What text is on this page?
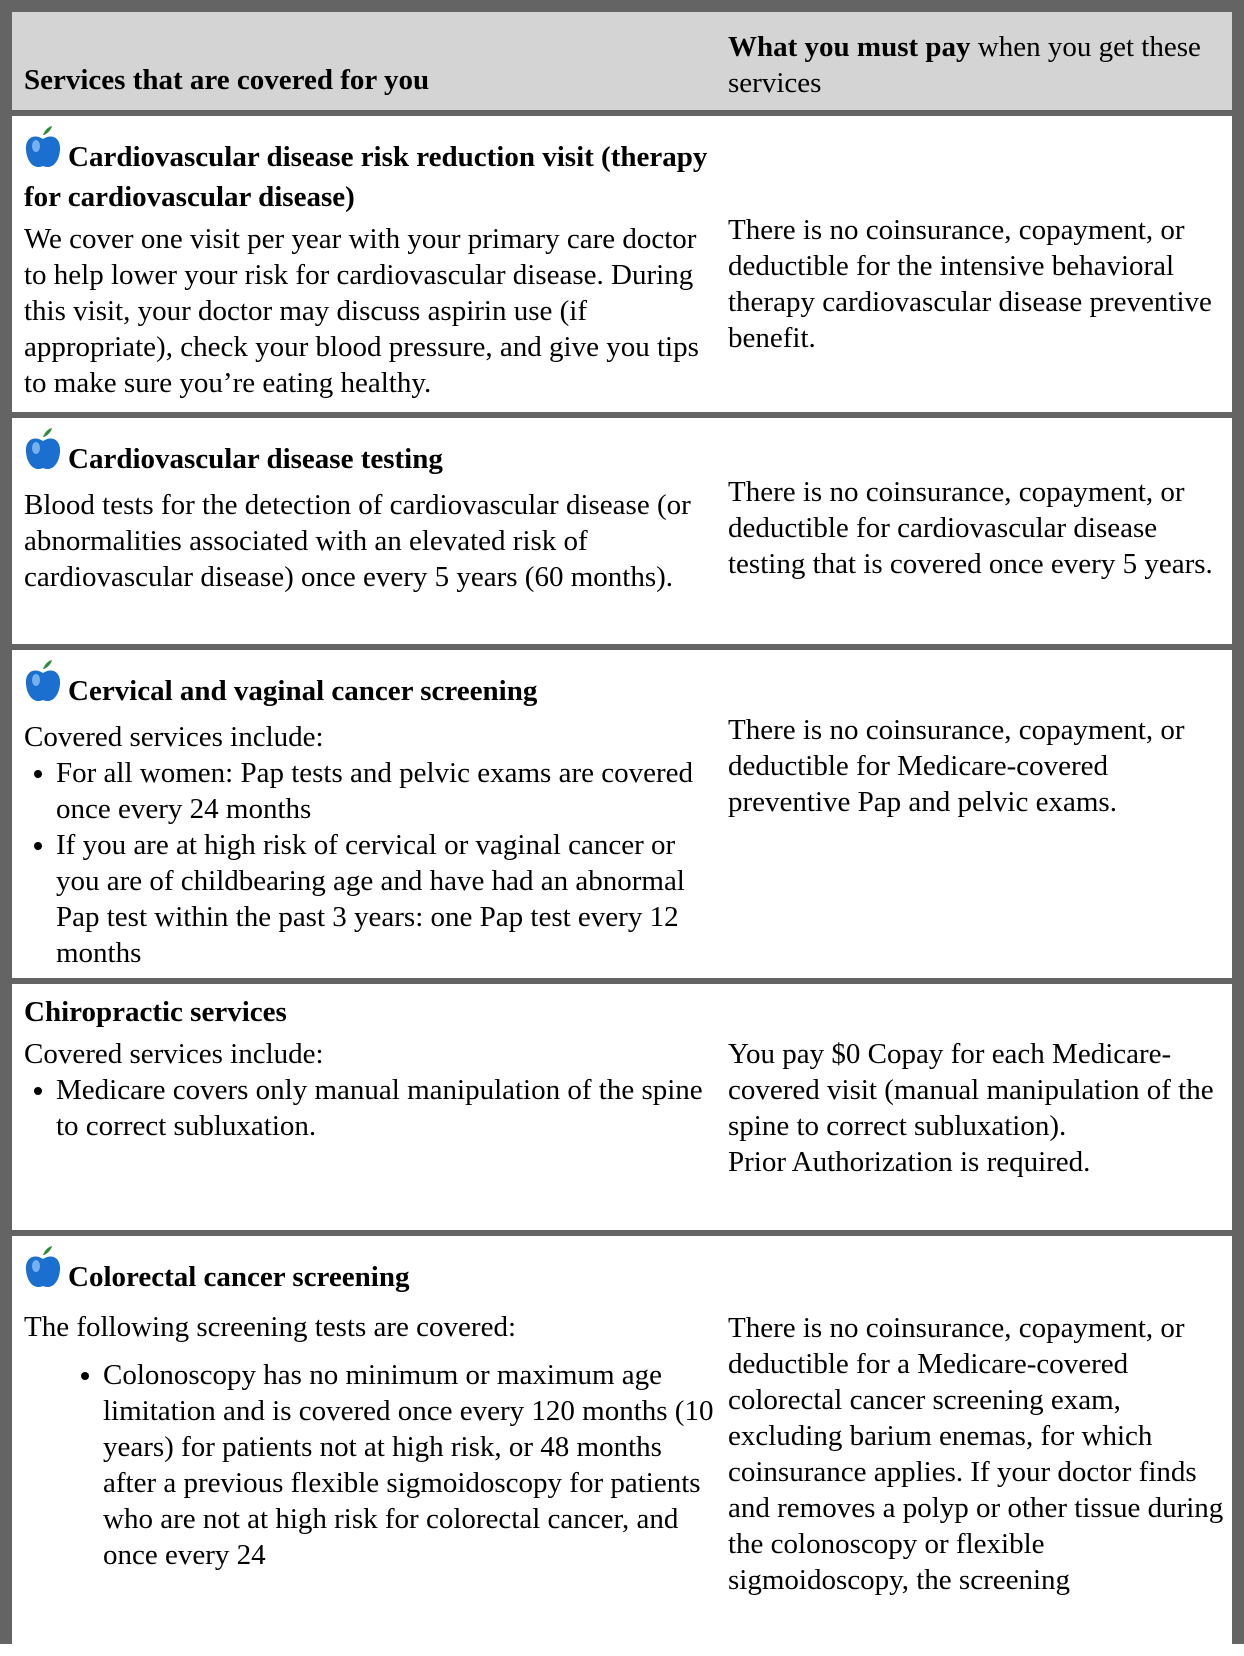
Services that are covered for you
What you must pay when you get these services

Cardiovascular disease risk reduction visit (therapy for cardiovascular disease)

We cover one visit per year with your primary care doctor to help lower your risk for cardiovascular disease. During this visit, your doctor may discuss aspirin use (if appropriate), check your blood pressure, and give you tips to make sure you’re eating healthy.

There is no coinsurance, copayment, or deductible for the intensive behavioral therapy cardiovascular disease preventive benefit.

Cardiovascular disease testing

Blood tests for the detection of cardiovascular disease (or abnormalities associated with an elevated risk of cardiovascular disease) once every 5 years (60 months).

There is no coinsurance, copayment, or deductible for cardiovascular disease testing that is covered once every 5 years.

Cervical and vaginal cancer screening

Covered services include:

For all women: Pap tests and pelvic exams are covered once every 24 months
If you are at high risk of cervical or vaginal cancer or you are of childbearing age and have had an abnormal Pap test within the past 3 years: one Pap test every 12 months
There is no coinsurance, copayment, or deductible for Medicare-covered preventive Pap and pelvic exams.

Chiropractic services

Covered services include:

Medicare covers only manual manipulation of the spine to correct subluxation.
You pay $0 Copay for each Medicare-covered visit (manual manipulation of the spine to correct subluxation).
Prior Authorization is required.

Colorectal cancer screening

The following screening tests are covered:

Colonoscopy has no minimum or maximum age limitation and is covered once every 120 months (10 years) for patients not at high risk, or 48 months after a previous flexible sigmoidoscopy for patients who are not at high risk for colorectal cancer, and once every 24
There is no coinsurance, copayment, or deductible for a Medicare-covered colorectal cancer screening exam, excluding barium enemas, for which coinsurance applies. If your doctor finds and removes a polyp or other tissue during the colonoscopy or flexible sigmoidoscopy, the screening
